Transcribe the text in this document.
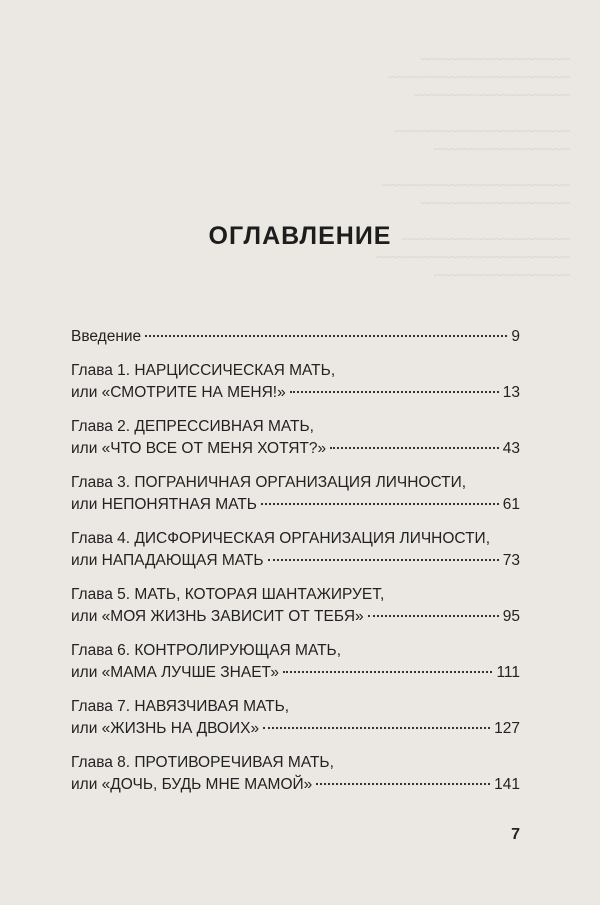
~~~~~~~~~~~~~~~~~~~~~~~
~~~~~~~~~~~~~~~~~~~~~~~~~~~~
~~~~~~~~~~~~~~~~~~~~~~~~

~~~~~~~~~~~~~~~~~~~~~~~~~~~
~~~~~~~~~~~~~~~~~~~~~

~~~~~~~~~~~~~~~~~~~~~~~~~~~~~
~~~~~~~~~~~~~~~~~~~~~~~

~~~~~~~~~~~~~~~~~~~~~~~~~~
~~~~~~~~~~~~~~~~~~~~~~~~~~~~~~
~~~~~~~~~~~~~~~~~~~~~
ОГЛАВЛЕНИЕ
Введение	9
Глава 1. НАРЦИССИЧЕСКАЯ МАТЬ,
или «СМОТРИТЕ НА МЕНЯ!»	13
Глава 2. ДЕПРЕССИВНАЯ МАТЬ,
или «ЧТО ВСЕ ОТ МЕНЯ ХОТЯТ?»	43
Глава 3. ПОГРАНИЧНАЯ ОРГАНИЗАЦИЯ ЛИЧНОСТИ,
или НЕПОНЯТНАЯ МАТЬ	61
Глава 4. ДИСФОРИЧЕСКАЯ ОРГАНИЗАЦИЯ ЛИЧНОСТИ,
или НАПАДАЮЩАЯ МАТЬ	73
Глава 5. МАТЬ, КОТОРАЯ ШАНТАЖИРУЕТ,
или «МОЯ ЖИЗНЬ ЗАВИСИТ ОТ ТЕБЯ»	95
Глава 6. КОНТРОЛИРУЮЩАЯ МАТЬ,
или «МАМА ЛУЧШЕ ЗНАЕТ»	111
Глава 7. НАВЯЗЧИВАЯ МАТЬ,
или «ЖИЗНЬ НА ДВОИХ»	127
Глава 8. ПРОТИВОРЕЧИВАЯ МАТЬ,
или «ДОЧЬ, БУДЬ МНЕ МАМОЙ»	141
7
